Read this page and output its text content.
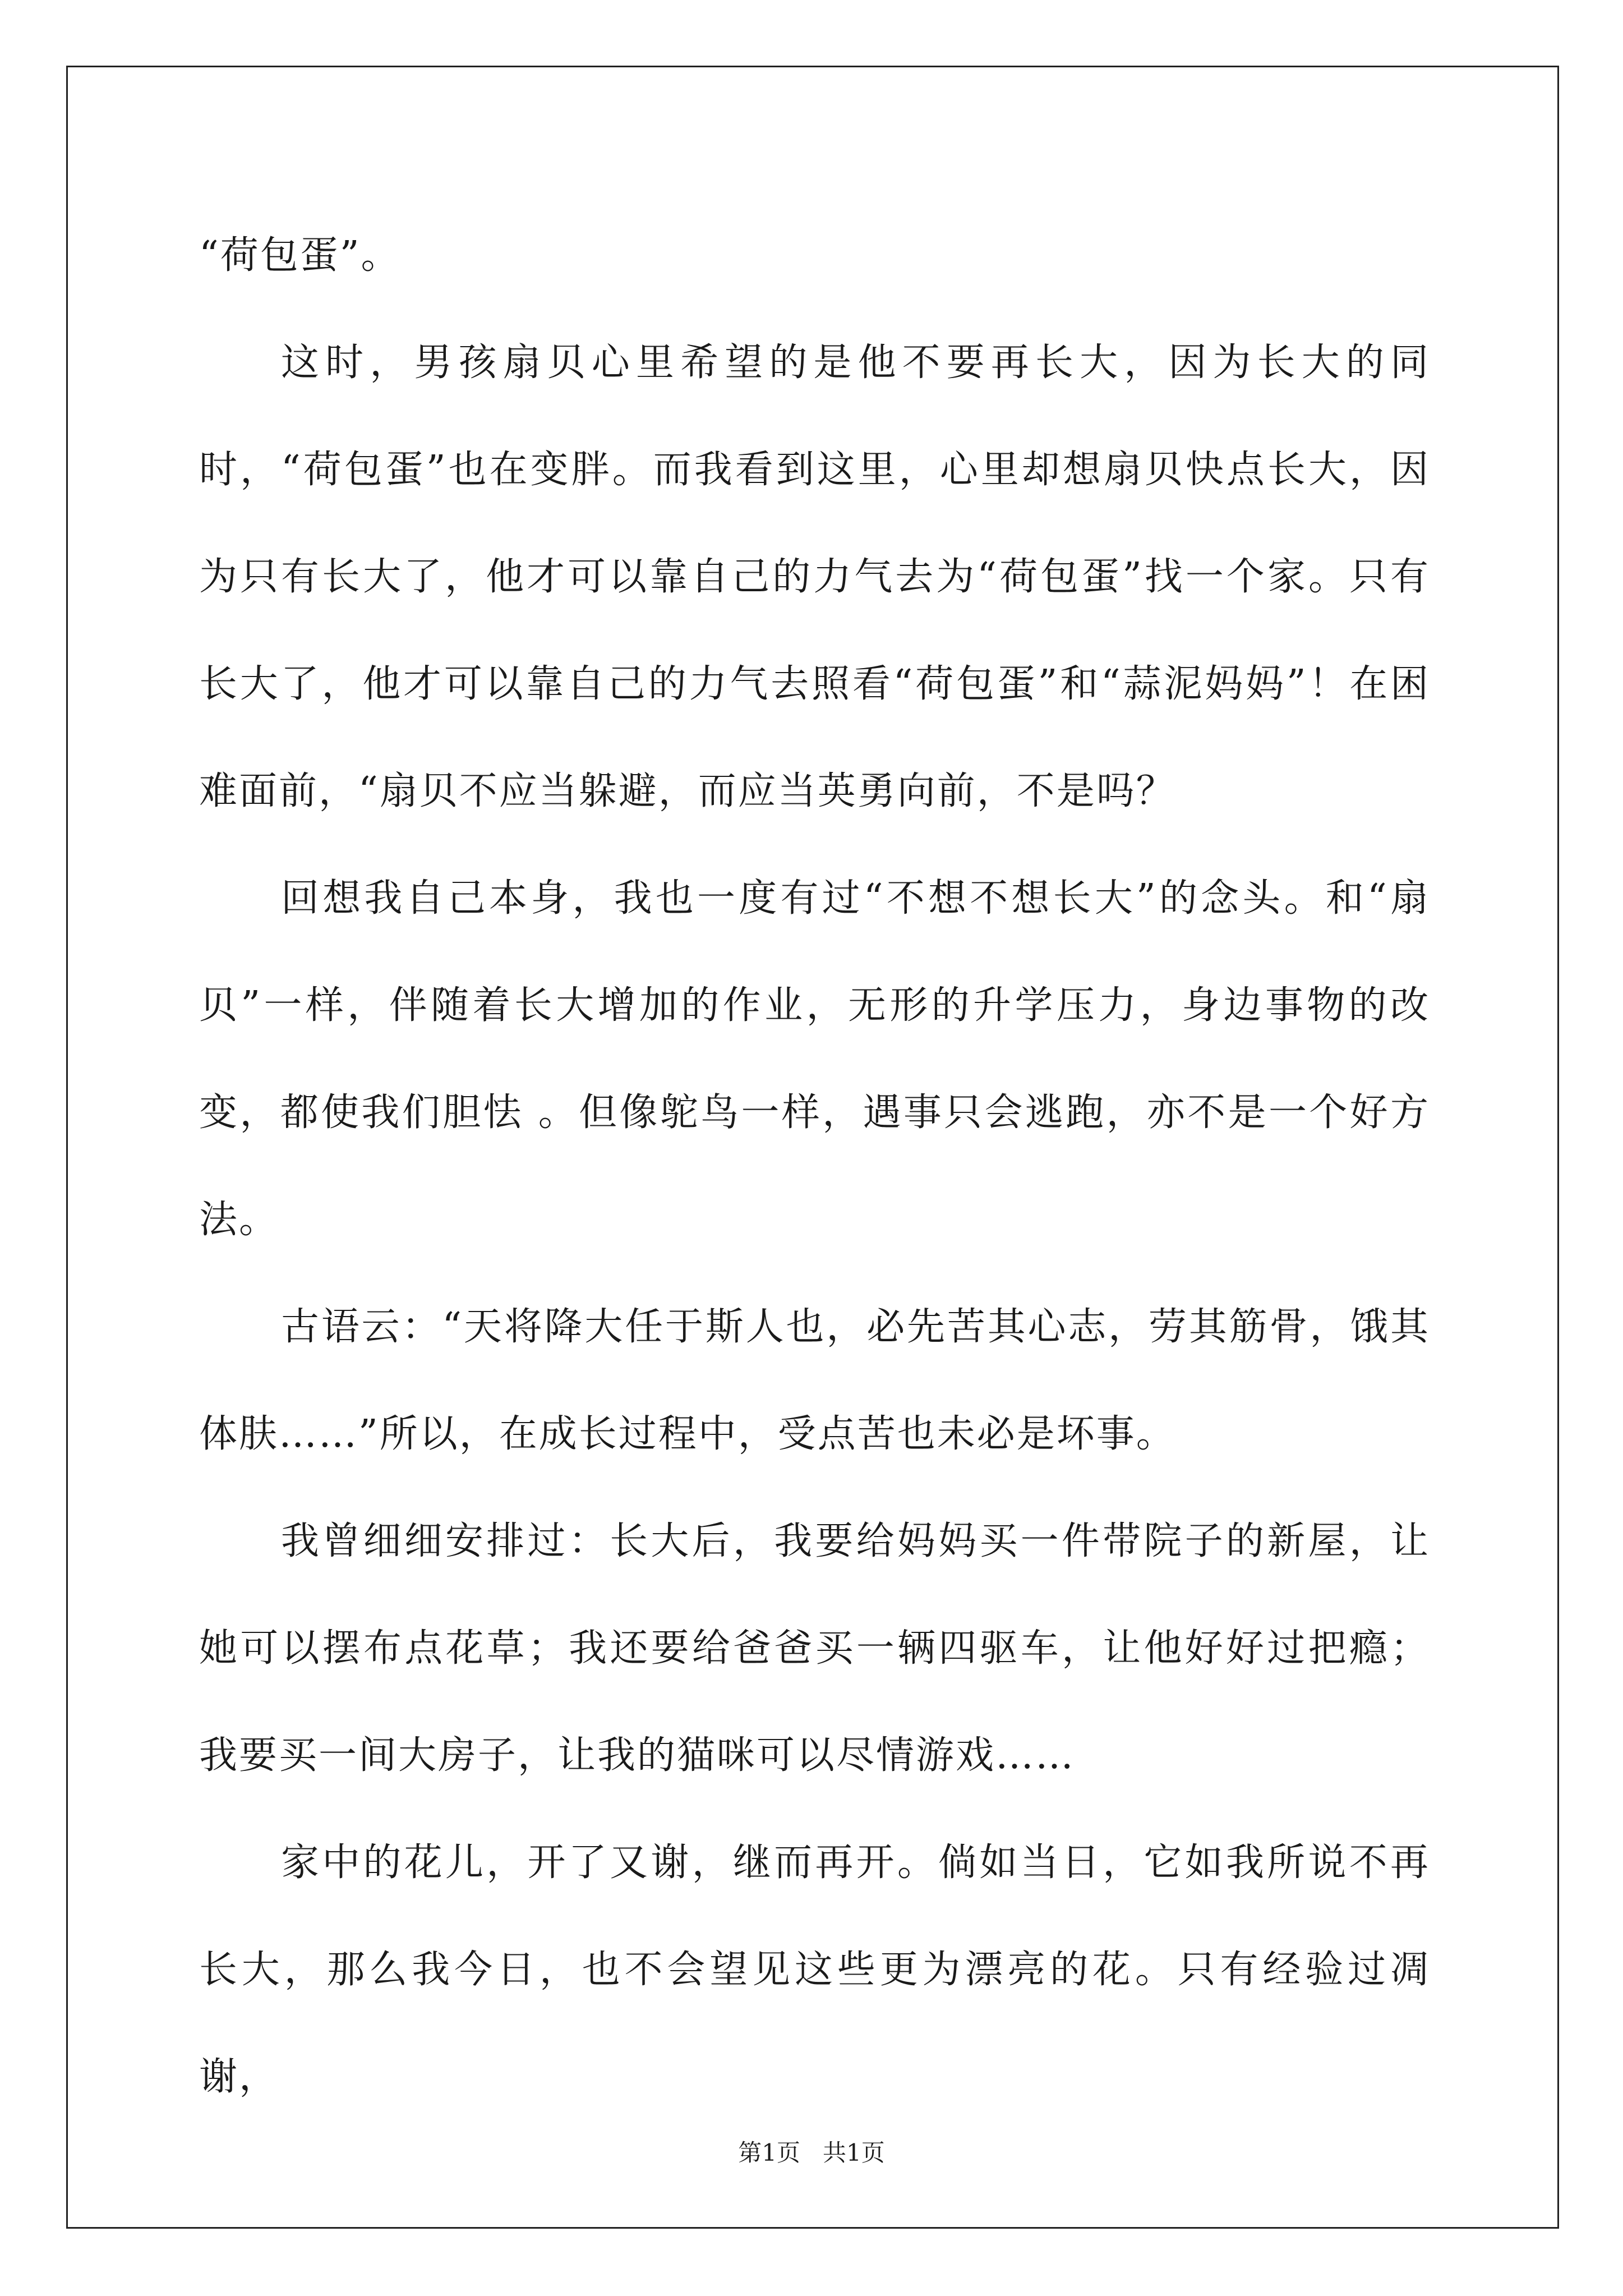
“荷包蛋”。

这时，男孩扇贝心里希望的是他不要再长大，因为长大的同时，“荷包蛋”也在变胖。而我看到这里，心里却想扇贝快点长大，因为只有长大了，他才可以靠自己的力气去为“荷包蛋”找一个家。只有长大了，他才可以靠自己的力气去照看“荷包蛋”和“蒜泥妈妈”！在困难面前，“扇贝不应当躲避，而应当英勇向前，不是吗？

回想我自己本身，我也一度有过“不想不想长大”的念头。和“扇贝”一样，伴随着长大增加的作业，无形的升学压力，身边事物的改变，都使我们胆怯 。但像鸵鸟一样，遇事只会逃跑，亦不是一个好方法。

古语云：“天将降大任于斯人也，必先苦其心志，劳其筋骨，饿其体肤……”所以，在成长过程中，受点苦也未必是坏事。

我曾细细安排过：长大后，我要给妈妈买一件带院子的新屋，让她可以摆布点花草；我还要给爸爸买一辆四驱车，让他好好过把瘾；我要买一间大房子，让我的猫咪可以尽情游戏……

家中的花儿，开了又谢，继而再开。倘如当日，它如我所说不再长大，那么我今日，也不会望见这些更为漂亮的花。只有经验过凋谢，

第1页 共1页
